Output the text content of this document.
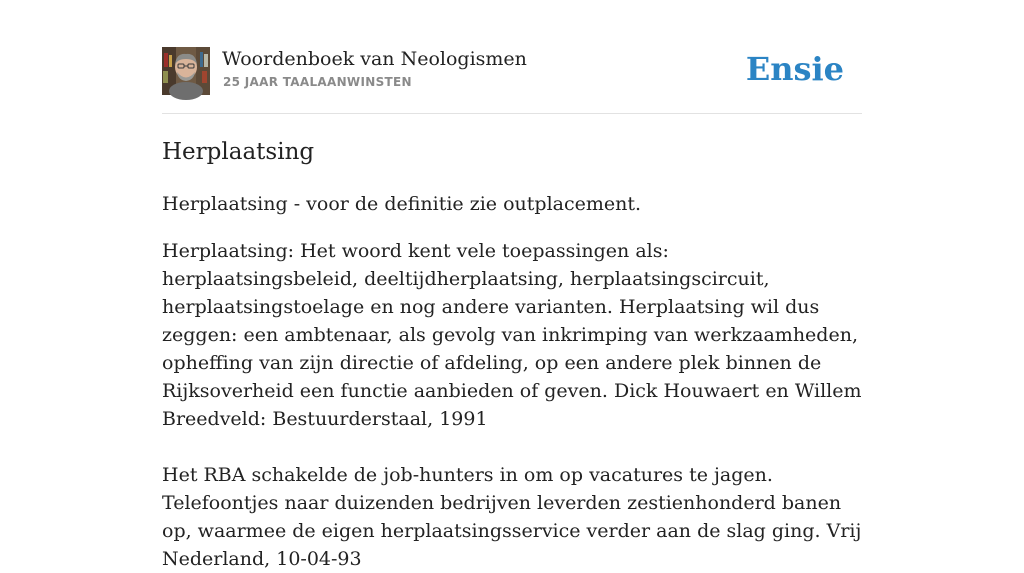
Woordenboek van Neologismen
25 JAAR TAALAANWINSTEN	Ensie
Herplaatsing

Herplaatsing - voor de definitie zie outplacement.

Herplaatsing: Het woord kent vele toepassingen als: herplaatsingsbeleid, deeltijdherplaatsing, herplaatsingscircuit, herplaatsingstoelage en nog andere varianten. Herplaatsing wil dus zeggen: een ambtenaar, als gevolg van inkrimping van werkzaamheden, opheffing van zijn directie of afdeling, op een andere plek binnen de Rijksoverheid een functie aanbieden of geven. Dick Houwaert en Willem Breedveld: Bestuurderstaal, 1991

Het RBA schakelde de job-hunters in om op vacatures te jagen. Telefoontjes naar duizenden bedrijven leverden zestienhonderd banen op, waarmee de eigen herplaatsingsservice verder aan de slag ging. Vrij Nederland, 10-04-93
